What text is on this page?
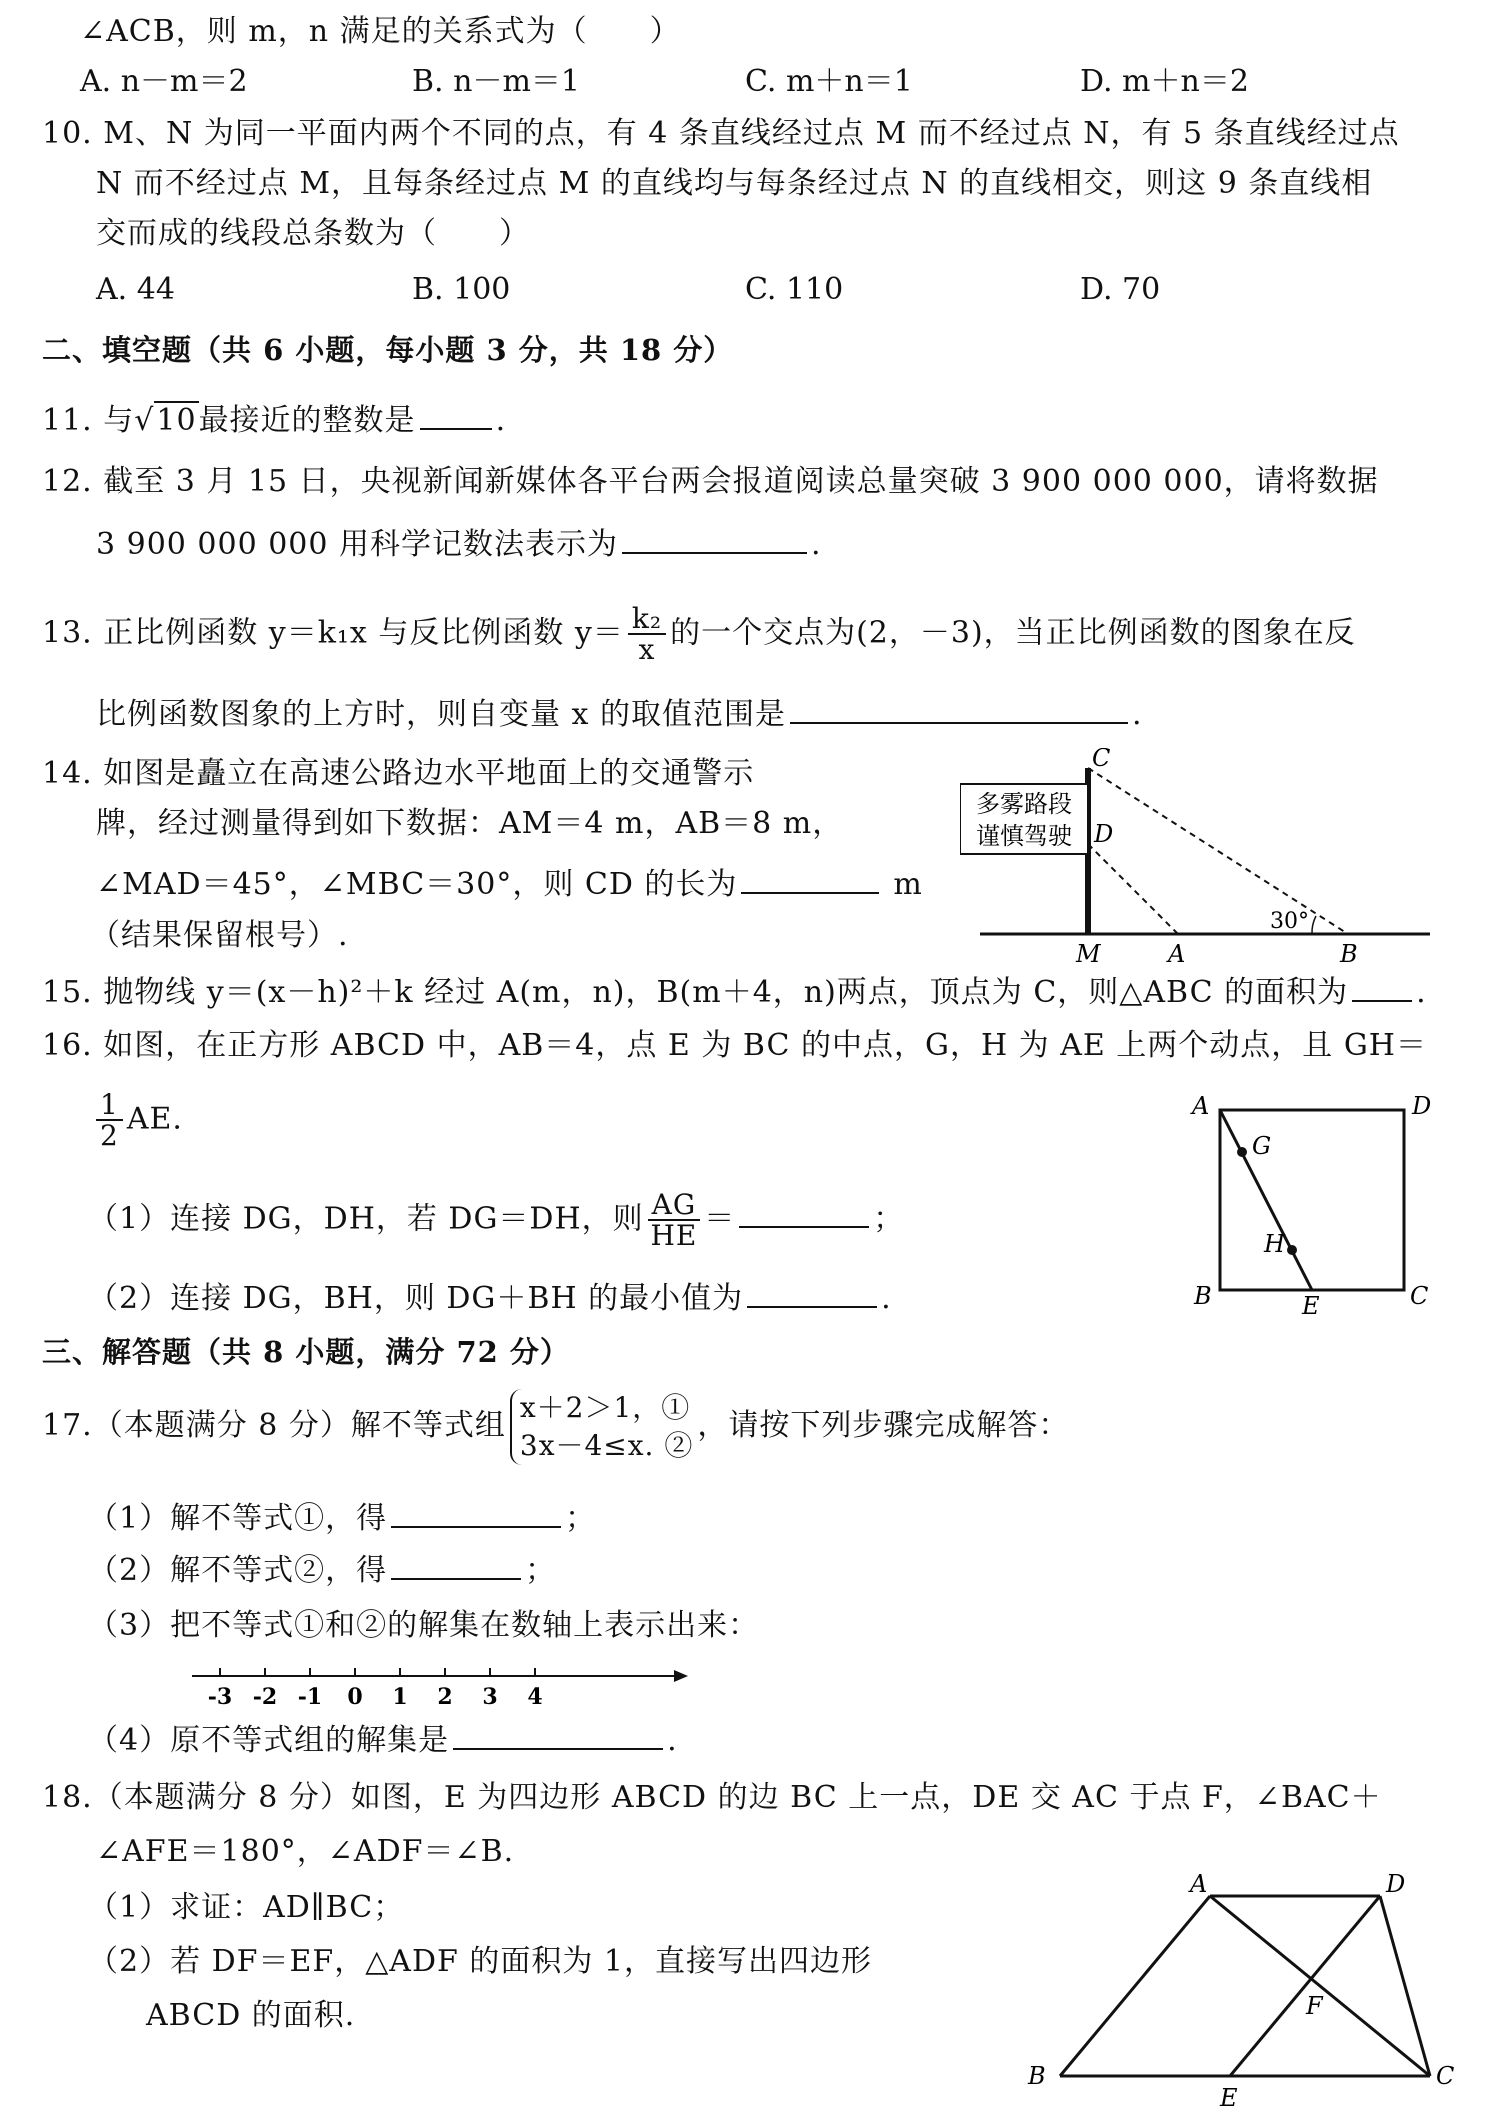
∠ACB，则 m，n 满足的关系式为（　　）
A. n－m＝2	B. n－m＝1	C. m＋n＝1	D. m＋n＝2
10. M、N 为同一平面内两个不同的点，有 4 条直线经过点 M 而不经过点 N，有 5 条直线经过点
N 而不经过点 M，且每条经过点 M 的直线均与每条经过点 N 的直线相交，则这 9 条直线相
交而成的线段总条数为（　　）
A. 44	B. 100	C. 110	D. 70
二、填空题（共 6 小题，每小题 3 分，共 18 分）
11. 与√10最接近的整数是	.
12. 截至 3 月 15 日，央视新闻新媒体各平台两会报道阅读总量突破 3 900 000 000，请将数据
3 900 000 000 用科学记数法表示为	.
13. 正比例函数 y＝k₁x 与反比例函数 $y= \frac{\text{k₂}}{x}$ 的一个交点为(2，－3)，当正比例函数的图象在反
比例函数图象的上方时，则自变量 x 的取值范围是	.
14. 如图是矗立在高速公路边水平地面上的交通警示
牌，经过测量得到如下数据：AM＝4 m，AB＝8 m，
∠MAD＝45°，∠MBC＝30°，则 CD 的长为	m
（结果保留根号）.
多雾路段
谨慎驾驶
C
D
M	A	B
30°
15. 抛物线 y＝(x－h)²＋k 经过 A(m，n)，B(m＋4，n)两点，顶点为 C，则△ABC 的面积为 .
16. 如图，在正方形 ABCD 中，AB＝4，点 E 为 BC 的中点，G，H 为 AE 上两个动点，且 GH＝
$\frac{1}{2}$ AE.
（1）连接 DG，DH，若 DG＝DH，则 $\frac{AG}{HE}$ ＝	；
（2）连接 DG，BH，则 DG＋BH 的最小值为	.
A	D
B	C
E
G
H
三、解答题（共 8 小题，满分 72 分）
17.（本题满分 8 分）解不等式组
x＋2＞1，①
3x－4≤x. ②
，请按下列步骤完成解答：
（1）解不等式①，得	；
（2）解不等式②，得	；
（3）把不等式①和②的解集在数轴上表示出来：
-3 -2 -1 0 1 2 3 4
（4）原不等式组的解集是	.
18.（本题满分 8 分）如图，E 为四边形 ABCD 的边 BC 上一点，DE 交 AC 于点 F，∠BAC＋
∠AFE＝180°，∠ADF＝∠B.
（1）求证：AD∥BC；
（2）若 DF＝EF，△ADF 的面积为 1，直接写出四边形
ABCD 的面积.
A	D
B	C
E
F
